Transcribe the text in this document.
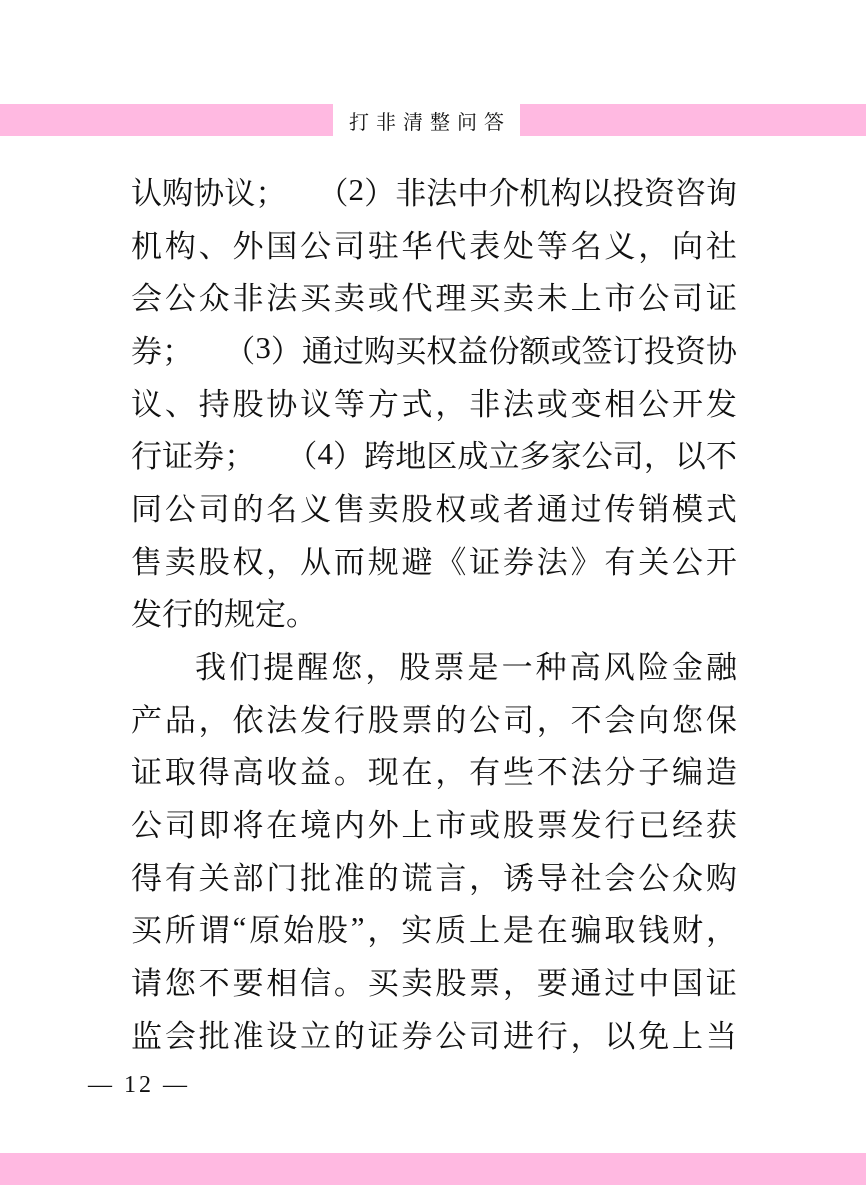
打非清整问答
认 购 协 议 ；
　 （ 2 ） 非 法 中 介 机 构 以 投 资 咨 询
机 构 、 外 国 公 司 驻 华 代 表 处 等 名 义 ， 向 社
会 公 众 非 法 买 卖 或 代 理 买 卖 未 上 市 公 司 证
券 ；
　 （ 3 ） 通 过 购 买 权 益 份 额 或 签 订 投 资 协
议 、 持 股 协 议 等 方 式 ， 非 法 或 变 相 公 开 发
行 证 券 ；
　 （ 4 ） 跨 地 区 成 立 多 家 公 司 ， 以 不
同 公 司 的 名 义 售 卖 股 权 或 者 通 过 传 销 模 式
售 卖 股 权 ， 从 而 规 避 《 证 券 法 》 有 关 公 开
发行的规定。
我 们 提 醒 您 ， 股 票 是 一 种 高 风 险 金 融
产 品 ， 依 法 发 行 股 票 的 公 司 ， 不 会 向 您 保
证 取 得 高 收 益 。 现 在 ， 有 些 不 法 分 子 编 造
公 司 即 将 在 境 内 外 上 市 或 股 票 发 行 已 经 获
得 有 关 部 门 批 准 的 谎 言 ， 诱 导 社 会 公 众 购
买 所 谓 “ 原 始 股 ” ， 实 质 上 是 在 骗 取 钱 财 ，
请 您 不 要 相 信 。 买 卖 股 票 ， 要 通 过 中 国 证
监 会 批 准 设 立 的 证 券 公 司 进 行 ， 以 免 上 当
— 12 —
